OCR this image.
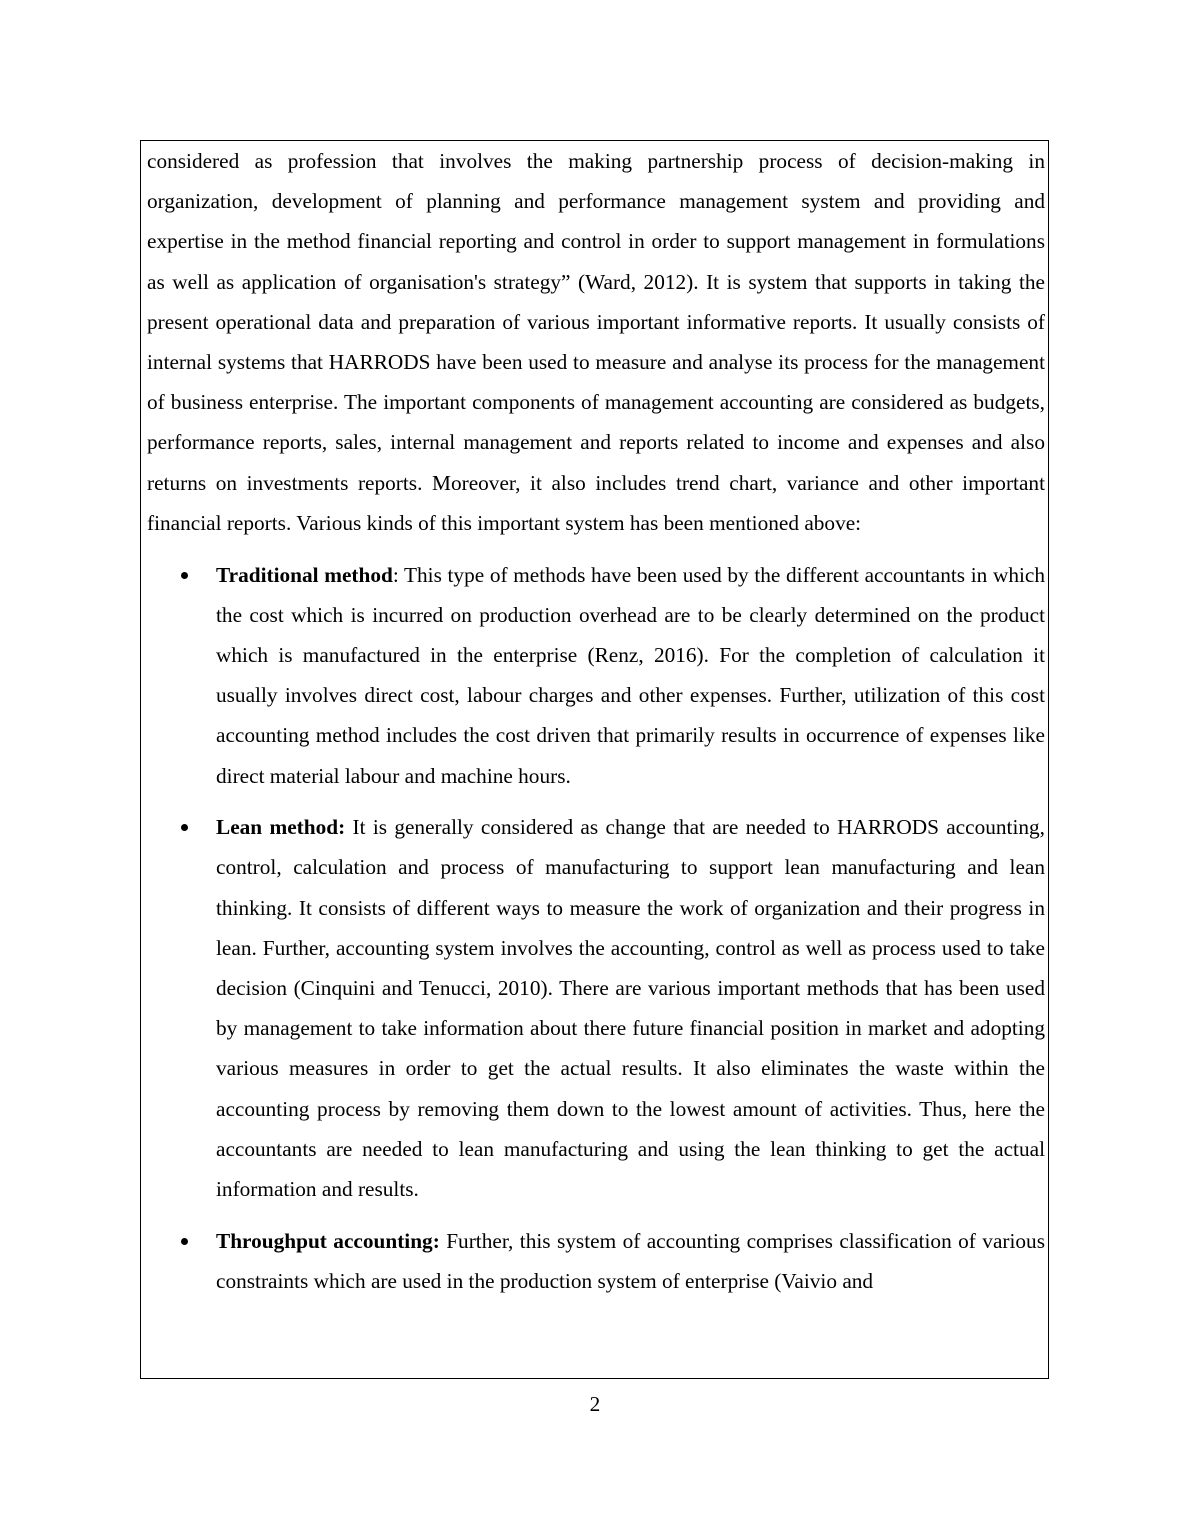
considered as profession that involves the making partnership process of decision-making in organization, development of planning and performance management system and providing and expertise in the method financial reporting and control in order to support management in formulations as well as application of organisation's strategy” (Ward, 2012). It is system that supports in taking the present operational data and preparation of various important informative reports. It usually consists of internal systems that HARRODS have been used to measure and analyse its process for the management of business enterprise. The important components of management accounting are considered as budgets, performance reports, sales, internal management and reports related to income and expenses and also returns on investments reports. Moreover, it also includes trend chart, variance and other important financial reports. Various kinds of this important system has been mentioned above:

Traditional method: This type of methods have been used by the different accountants in which the cost which is incurred on production overhead are to be clearly determined on the product which is manufactured in the enterprise (Renz, 2016). For the completion of calculation it usually involves direct cost, labour charges and other expenses. Further, utilization of this cost accounting method includes the cost driven that primarily results in occurrence of expenses like direct material labour and machine hours.
Lean method: It is generally considered as change that are needed to HARRODS accounting, control, calculation and process of manufacturing to support lean manufacturing and lean thinking. It consists of different ways to measure the work of organization and their progress in lean. Further, accounting system involves the accounting, control as well as process used to take decision (Cinquini and Tenucci, 2010). There are various important methods that has been used by management to take information about there future financial position in market and adopting various measures in order to get the actual results. It also eliminates the waste within the accounting process by removing them down to the lowest amount of activities. Thus, here the accountants are needed to lean manufacturing and using the lean thinking to get the actual information and results.
Throughput accounting: Further, this system of accounting comprises classification of various constraints which are used in the production system of enterprise (Vaivio and
2
